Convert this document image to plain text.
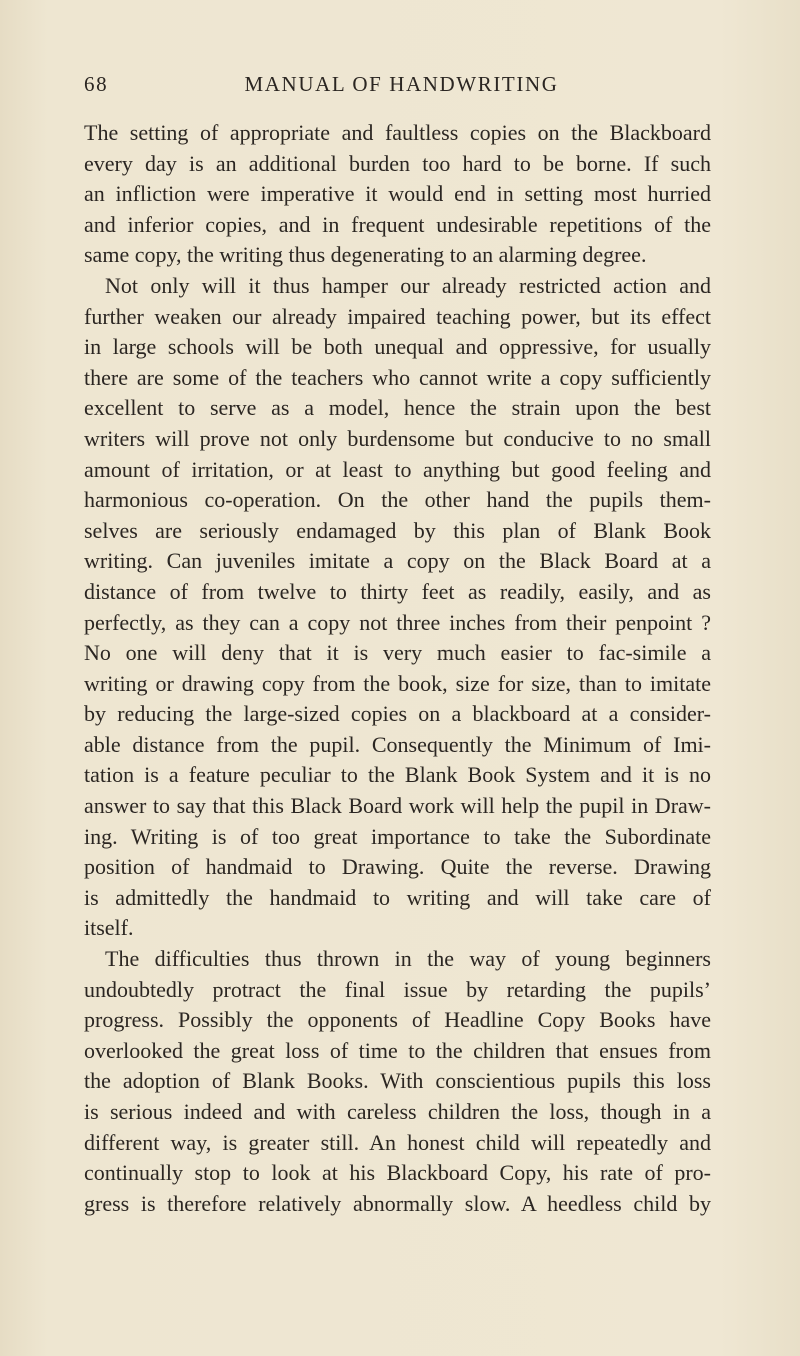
68	MANUAL OF HANDWRITING
The setting of appropriate and faultless copies on the Blackboard
every day is an additional burden too hard to be borne. If such
an infliction were imperative it would end in setting most hurried
and inferior copies, and in frequent undesirable repetitions of the
same copy, the writing thus degenerating to an alarming degree.
Not only will it thus hamper our already restricted action and
further weaken our already impaired teaching power, but its effect
in large schools will be both unequal and oppressive, for usually
there are some of the teachers who cannot write a copy sufficiently
excellent to serve as a model, hence the strain upon the best
writers will prove not only burdensome but conducive to no small
amount of irritation, or at least to anything but good feeling and
harmonious co-operation. On the other hand the pupils them-
selves are seriously endamaged by this plan of Blank Book
writing. Can juveniles imitate a copy on the Black Board at a
distance of from twelve to thirty feet as readily, easily, and as
perfectly, as they can a copy not three inches from their penpoint ?
No one will deny that it is very much easier to fac-simile a
writing or drawing copy from the book, size for size, than to imitate
by reducing the large-sized copies on a blackboard at a consider-
able distance from the pupil. Consequently the Minimum of Imi-
tation is a feature peculiar to the Blank Book System and it is no
answer to say that this Black Board work will help the pupil in Draw-
ing. Writing is of too great importance to take the Subordinate
position of handmaid to Drawing. Quite the reverse. Drawing
is admittedly the handmaid to writing and will take care of
itself.
The difficulties thus thrown in the way of young beginners
undoubtedly protract the final issue by retarding the pupils’
progress. Possibly the opponents of Headline Copy Books have
overlooked the great loss of time to the children that ensues from
the adoption of Blank Books. With conscientious pupils this loss
is serious indeed and with careless children the loss, though in a
different way, is greater still. An honest child will repeatedly and
continually stop to look at his Blackboard Copy, his rate of pro-
gress is therefore relatively abnormally slow. A heedless child by
